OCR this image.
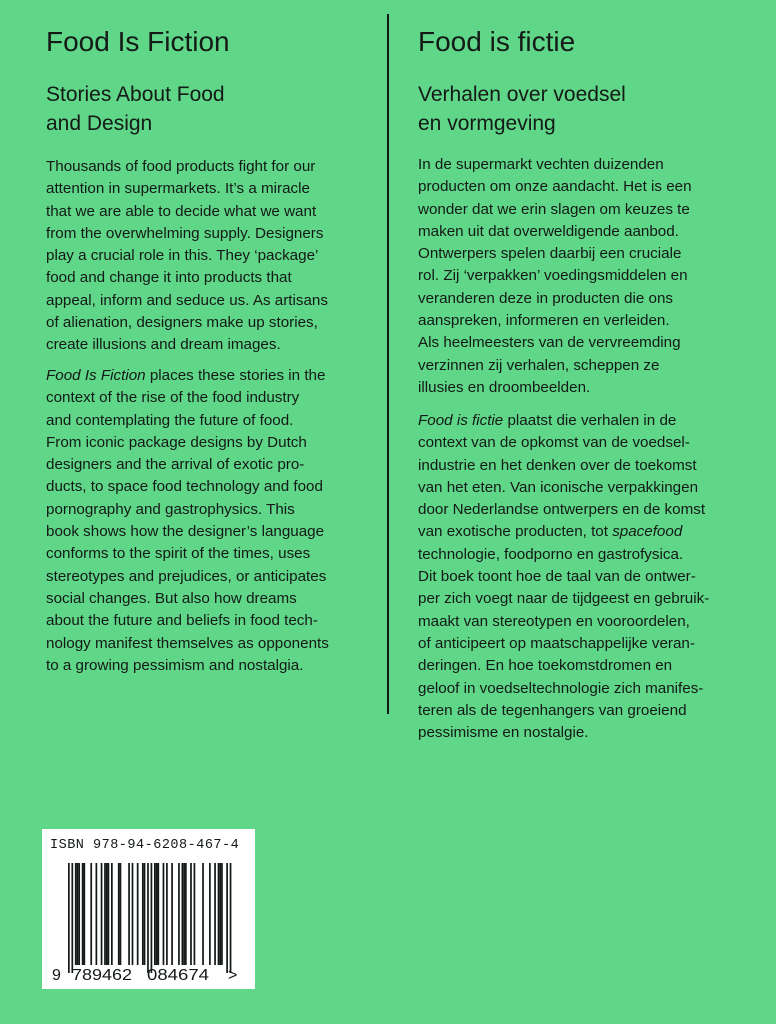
Food Is Fiction
Stories About Food
and Design
Thousands of food products fight for our
attention in supermarkets. It’s a miracle
that we are able to decide what we want
from the overwhelming supply. Designers
play a crucial role in this. They ‘package’
food and change it into products that
appeal, inform and seduce us. As artisans
of alienation, designers make up stories,
create illusions and dream images.
Food Is Fiction places these stories in the
context of the rise of the food industry
and contemplating the future of food.
From iconic package designs by Dutch
designers and the arrival of exotic pro-
ducts, to space food technology and food
pornography and gastrophysics. This
book shows how the designer’s language
conforms to the spirit of the times, uses
stereotypes and prejudices, or anticipates
social changes. But also how dreams
about the future and beliefs in food tech-
nology manifest themselves as opponents
to a growing pessimism and nostalgia.
Food is fictie
Verhalen over voedsel
en vormgeving
In de supermarkt vechten duizenden
producten om onze aandacht. Het is een
wonder dat we erin slagen om keuzes te
maken uit dat overweldigende aanbod.
Ontwerpers spelen daarbij een cruciale
rol. Zij ‘verpakken’ voedingsmiddelen en
veranderen deze in producten die ons
aanspreken, informeren en verleiden.
Als heelmeesters van de vervreemding
verzinnen zij verhalen, scheppen ze
illusies en droombeelden.
Food is fictie plaatst die verhalen in de
context van de opkomst van de voedsel-
industrie en het denken over de toekomst
van het eten. Van iconische verpakkingen
door Nederlandse ontwerpers en de komst
van exotische producten, tot spacefood
technologie, foodporno en gastrofysica.
Dit boek toont hoe de taal van de ontwer-
per zich voegt naar de tijdgeest en gebruik-
maakt van stereotypen en vooroordelen,
of anticipeert op maatschappelijke veran-
deringen. En hoe toekomstdromen en
geloof in voedseltechnologie zich manifes-
teren als de tegenhangers van groeiend
pessimisme en nostalgie.

ISBN 978-94-6208-467-4

9 789462 084674 >
